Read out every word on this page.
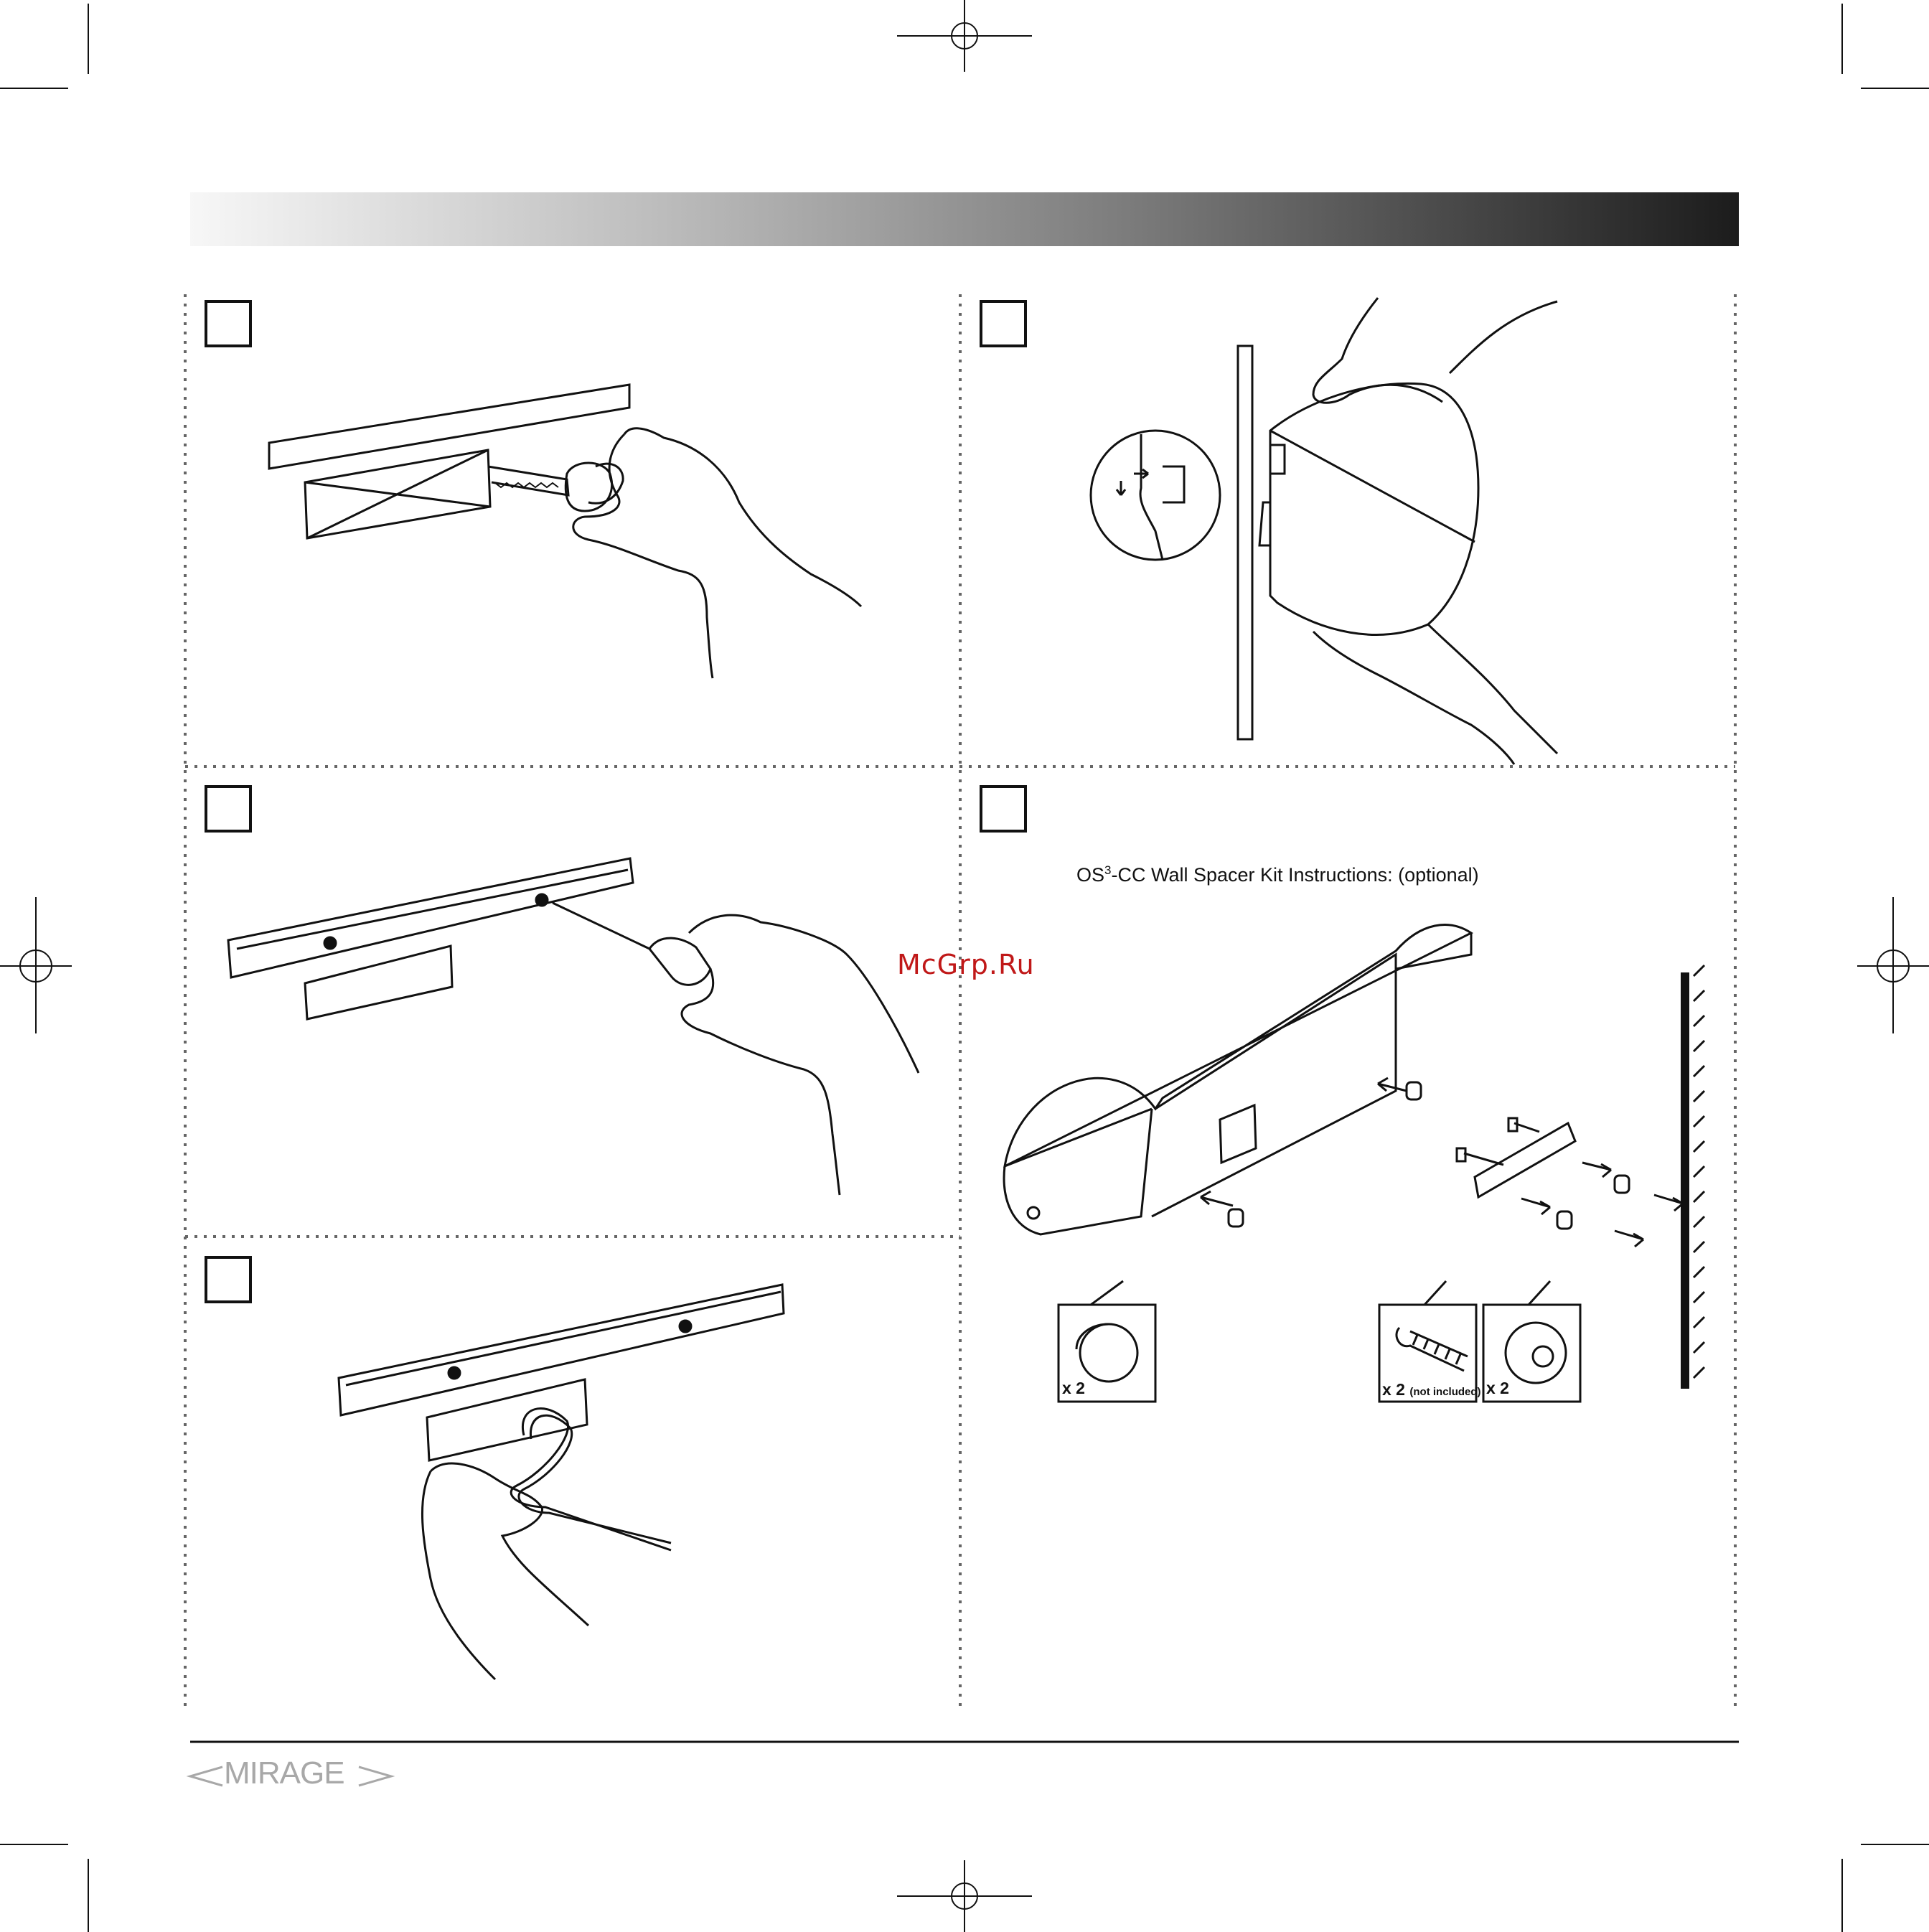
$OS^3-CC$ Wall Spacer Kit Instructions: (optional)
McGrp.Ru
x 2	x 2 (not included) x 2
MIRAGE
